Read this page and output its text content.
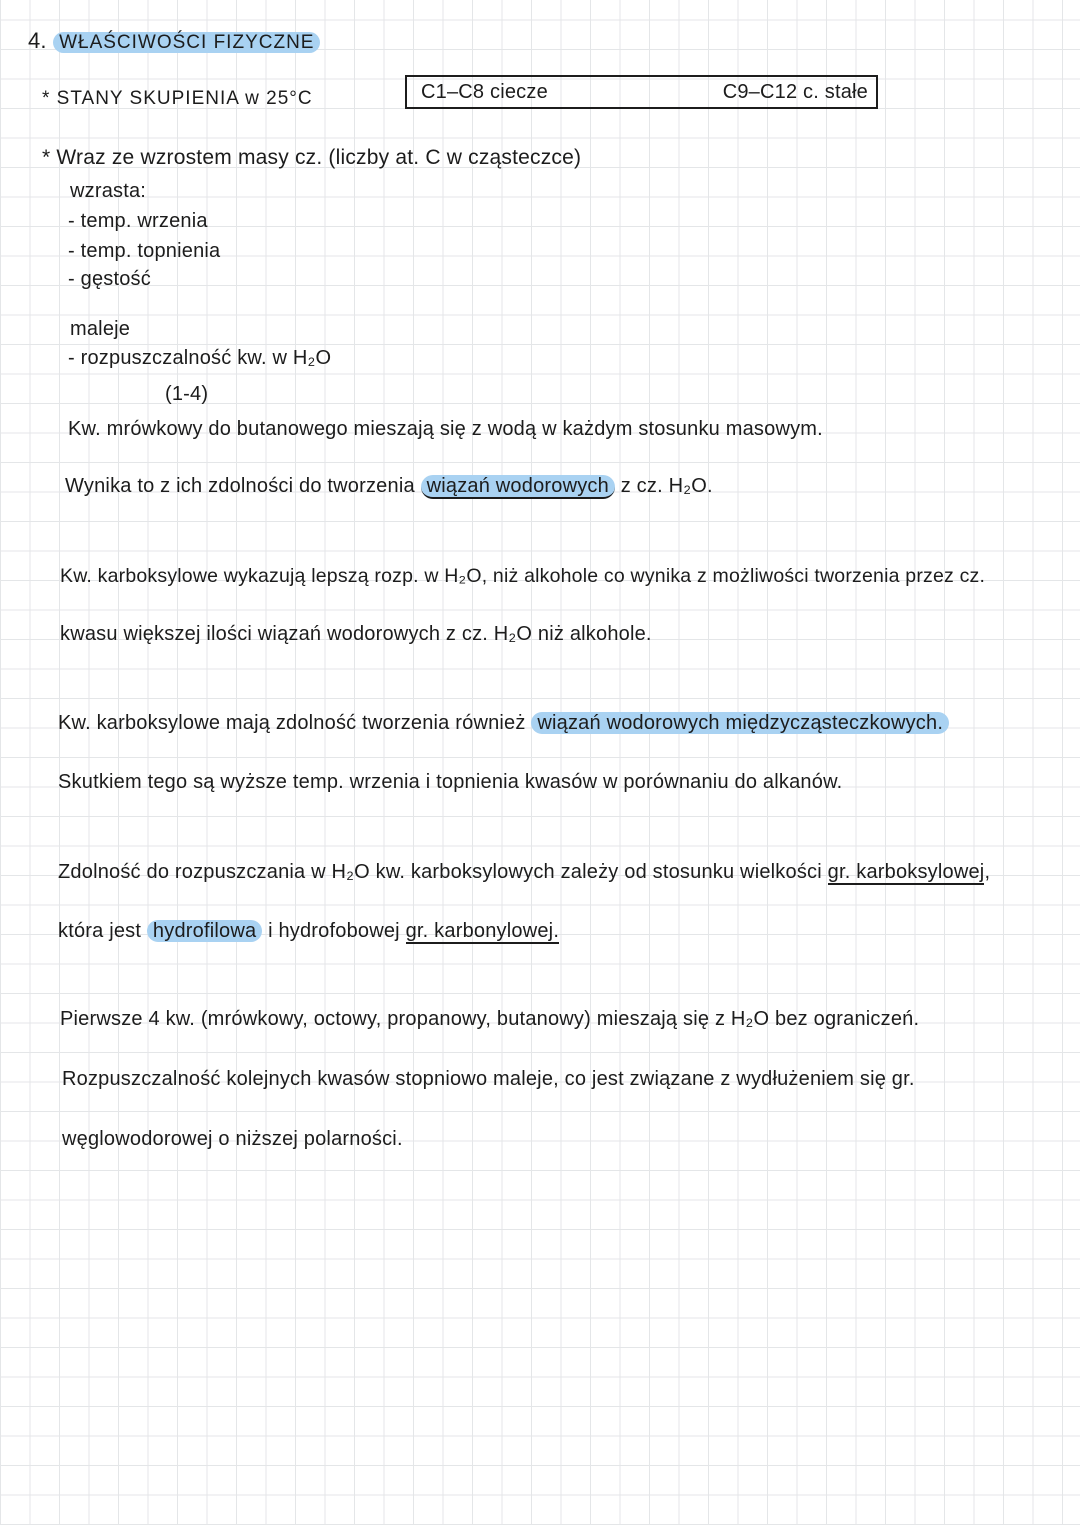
4. WŁAŚCIWOŚCI FIZYCZNE
* STANY SKUPIENIA w 25°C	C1–C8 ciecze	C9–C12 c. stałe
* Wraz ze wzrostem masy cz. (liczby at. C w cząsteczce)
wzrasta:
- temp. wrzenia
- temp. topnienia
- gęstość
maleje
- rozpuszczalność kw. w H₂O
(1-4)
Kw. mrówkowy do butanowego mieszają się z wodą w każdym stosunku masowym.
Wynika to z ich zdolności do tworzenia wiązań wodorowych z cz. H₂O.
Kw. karboksylowe wykazują lepszą rozp. w H₂O, niż alkohole co wynika z możliwości tworzenia przez cz.
kwasu większej ilości wiązań wodorowych z cz. H₂O niż alkohole.
Kw. karboksylowe mają zdolność tworzenia również wiązań wodorowych międzycząsteczkowych.
Skutkiem tego są wyższe temp. wrzenia i topnienia kwasów w porównaniu do alkanów.
Zdolność do rozpuszczania w H₂O kw. karboksylowych zależy od stosunku wielkości gr. karboksylowej,
która jest hydrofilowa i hydrofobowej gr. karbonylowej.
Pierwsze 4 kw. (mrówkowy, octowy, propanowy, butanowy) mieszają się z H₂O bez ograniczeń.
Rozpuszczalność kolejnych kwasów stopniowo maleje, co jest związane z wydłużeniem się gr.
węglowodorowej o niższej polarności.
